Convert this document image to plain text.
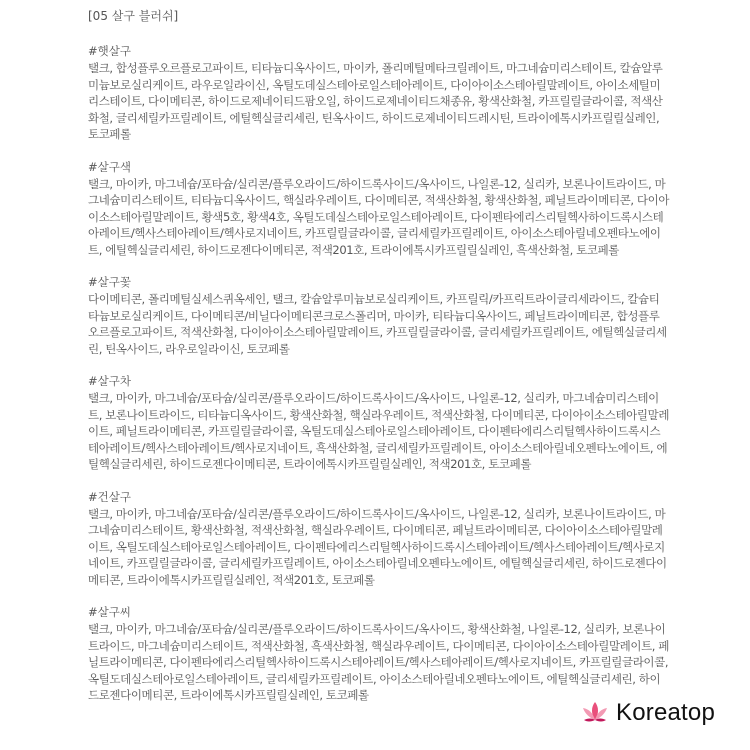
[05 살구 블러쉬]

#햇살구

탤크, 합성플루오르플로고파이트, 티타늄디옥사이드, 마이카, 폴리메틸메타크릴레이트, 마그네슘미리스테이트, 칼슘알루미늄보로실리케이트, 라우로일라이신, 옥틸도데실스테아로일스테아레이트, 다이아이소스테아릴말레이트, 아이소세틸미리스테이트, 다이메티콘, 하이드로제네이티드팜오일, 하이드로제네이티드채종유, 황색산화철, 카프릴릴글라이콜, 적색산화철, 글리세릴카프릴레이트, 에틸헥실글리세린, 틴옥사이드, 하이드로제네이티드레시틴, 트라이에톡시카프릴릴실레인, 토코페롤

#살구색

탤크, 마이카, 마그네슘/포타슘/실리콘/플루오라이드/하이드록사이드/옥사이드, 나일론-12, 실리카, 보론나이트라이드, 마그네슘미리스테이트, 티타늄디옥사이드, 핵실라우레이트, 다이메티콘, 적색산화철, 황색산화철, 페닐트라이메티콘, 다이아이소스테아릴말레이트, 황색5호, 황색4호, 옥틸도데실스테아로일스테아레이트, 다이펜타에리스리틸헥사하이드록시스테아레이트/헥사스테아레이트/헥사로지네이트, 카프릴릴글라이콜, 글리세릴카프릴레이트, 아이소스테아릴네오펜타노에이트, 에틸헥실글리세린, 하이드로젠다이메티콘, 적색201호, 트라이에톡시카프릴릴실레인, 흑색산화철, 토코페롤

#살구꽃

다이메티콘, 폴리메틸실세스퀴옥세인, 탤크, 칼슘알루미늄보로실리케이트, 카프릴릭/카프릭트라이글리세라이드, 칼슘티타늄보로실리케이트, 다이메티콘/비닐다이메티콘크로스폴리머, 마이카, 티타늄디옥사이드, 페닐트라이메티콘, 합성플루오르플로고파이트, 적색산화철, 다이아이소스테아릴말레이트, 카프릴릴글라이콜, 글리세릴카프릴레이트, 에틸헥실글리세린, 틴옥사이드, 라우로일라이신, 토코페롤

#살구차

탤크, 마이카, 마그네슘/포타슘/실리콘/플루오라이드/하이드록사이드/옥사이드, 나일론-12, 실리카, 마그네슘미리스테이트, 보론나이트라이드, 티타늄디옥사이드, 황색산화철, 핵실라우레이트, 적색산화철, 다이메티콘, 다이아이소스테아릴말레이트, 페닐트라이메티콘, 카프릴릴글라이콜, 옥틸도데실스테아로일스테아레이트, 다이펜타에리스리틸헥사하이드록시스테아레이트/헥사스테아레이트/헥사로지네이트, 흑색산화철, 글리세릴카프릴레이트, 아이소스테아릴네오펜타노에이트, 에틸헥실글리세린, 하이드로젠다이메티콘, 트라이에톡시카프릴릴실레인, 적색201호, 토코페롤

#건살구

탤크, 마이카, 마그네슘/포타슘/실리콘/플루오라이드/하이드록사이드/옥사이드, 나일론-12, 실리카, 보론나이트라이드, 마그네슘미리스테이트, 황색산화철, 적색산화철, 핵실라우레이트, 다이메티콘, 페닐트라이메티콘, 다이아이소스테아릴말레이트, 옥틸도데실스테아로일스테아레이트, 다이펜타에리스리틸헥사하이드록시스테아레이트/헥사스테아레이트/헥사로지네이트, 카프릴릴글라이콜, 글리세릴카프릴레이트, 아이소스테아릴네오펜타노에이트, 에틸헥실글리세린, 하이드로젠다이메티콘, 트라이에톡시카프릴릴실레인, 적색201호, 토코페롤

#살구씨

탤크, 마이카, 마그네슘/포타슘/실리콘/플루오라이드/하이드록사이드/옥사이드, 황색산화철, 나일론-12, 실리카, 보론나이트라이드, 마그네슘미리스테이트, 적색산화철, 흑색산화철, 핵실라우레이트, 다이메티콘, 다이아이소스테아릴말레이트, 페닐트라이메티콘, 다이펜타에리스리틸헥사하이드록시스테아레이트/헥사스테아레이트/헥사로지네이트, 카프릴릴글라이콜, 옥틸도데실스테아로일스테아레이트, 글리세릴카프릴레이트, 아이소스테아릴네오펜타노에이트, 에틸헥실글리세린, 하이드로젠다이메티콘, 트라이에톡시카프릴릴실레인, 토코페롤

Koreatop
